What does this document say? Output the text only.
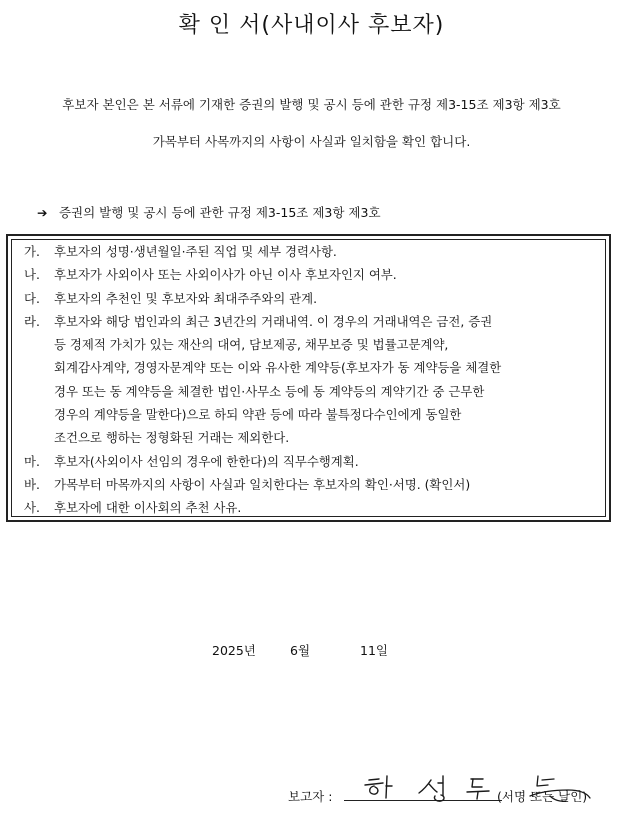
확 인 서(사내이사 후보자)

후보자 본인은 본 서류에 기재한 증권의 발행 및 공시 등에 관한 규정 제3-15조 제3항 제3호

가목부터 사목까지의 사항이 사실과 일치함을 확인 합니다.

➔ 증권의 발행 및 공시 등에 관한 규정 제3-15조 제3항 제3호
가.	후보자의 성명·생년월일·주된 직업 및 세부 경력사항.
나.	후보자가 사외이사 또는 사외이사가 아닌 이사 후보자인지 여부.
다.	후보자의 추천인 및 후보자와 최대주주와의 관계.
라.	후보자와 해당 법인과의 최근 3년간의 거래내역. 이 경우의 거래내역은 금전, 증권
등 경제적 가치가 있는 재산의 대여, 담보제공, 채무보증 및 법률고문계약,
회계감사계약, 경영자문계약 또는 이와 유사한 계약등(후보자가 동 계약등을 체결한
경우 또는 동 계약등을 체결한 법인·사무소 등에 동 계약등의 계약기간 중 근무한
경우의 계약등을 말한다)으로 하되 약관 등에 따라 불특정다수인에게 동일한
조건으로 행하는 정형화된 거래는 제외한다.
마.	후보자(사외이사 선임의 경우에 한한다)의 직무수행계획.
바.	가목부터 마목까지의 사항이 사실과 일치한다는 후보자의 확인·서명. (확인서)
사.	후보자에 대한 이사회의 추천 사유.
2025년	6월	11일
보고자 :	(서명 또는 날인)
